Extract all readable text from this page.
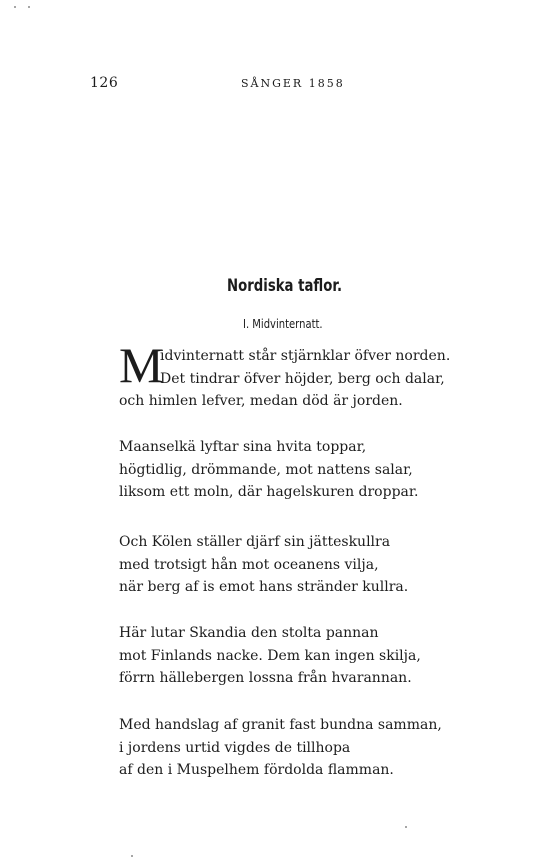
126	SÅNGER 1858
Nordiska taflor.
I. Midvinternatt.
M
idvinternatt står stjärnklar öfver norden.
Det tindrar öfver höjder, berg och dalar,
och himlen lefver, medan död är jorden.
Maanselkä lyftar sina hvita toppar,
högtidlig, drömmande, mot nattens salar,
liksom ett moln, där hagelskuren droppar.
Och Kölen ställer djärf sin jätteskullra
med trotsigt hån mot oceanens vilja,
när berg af is emot hans stränder kullra.
Här lutar Skandia den stolta pannan
mot Finlands nacke. Dem kan ingen skilja,
förrn hällebergen lossna från hvarannan.
Med handslag af granit fast bundna samman,
i jordens urtid vigdes de tillhopa
af den i Muspelhem fördolda flamman.
